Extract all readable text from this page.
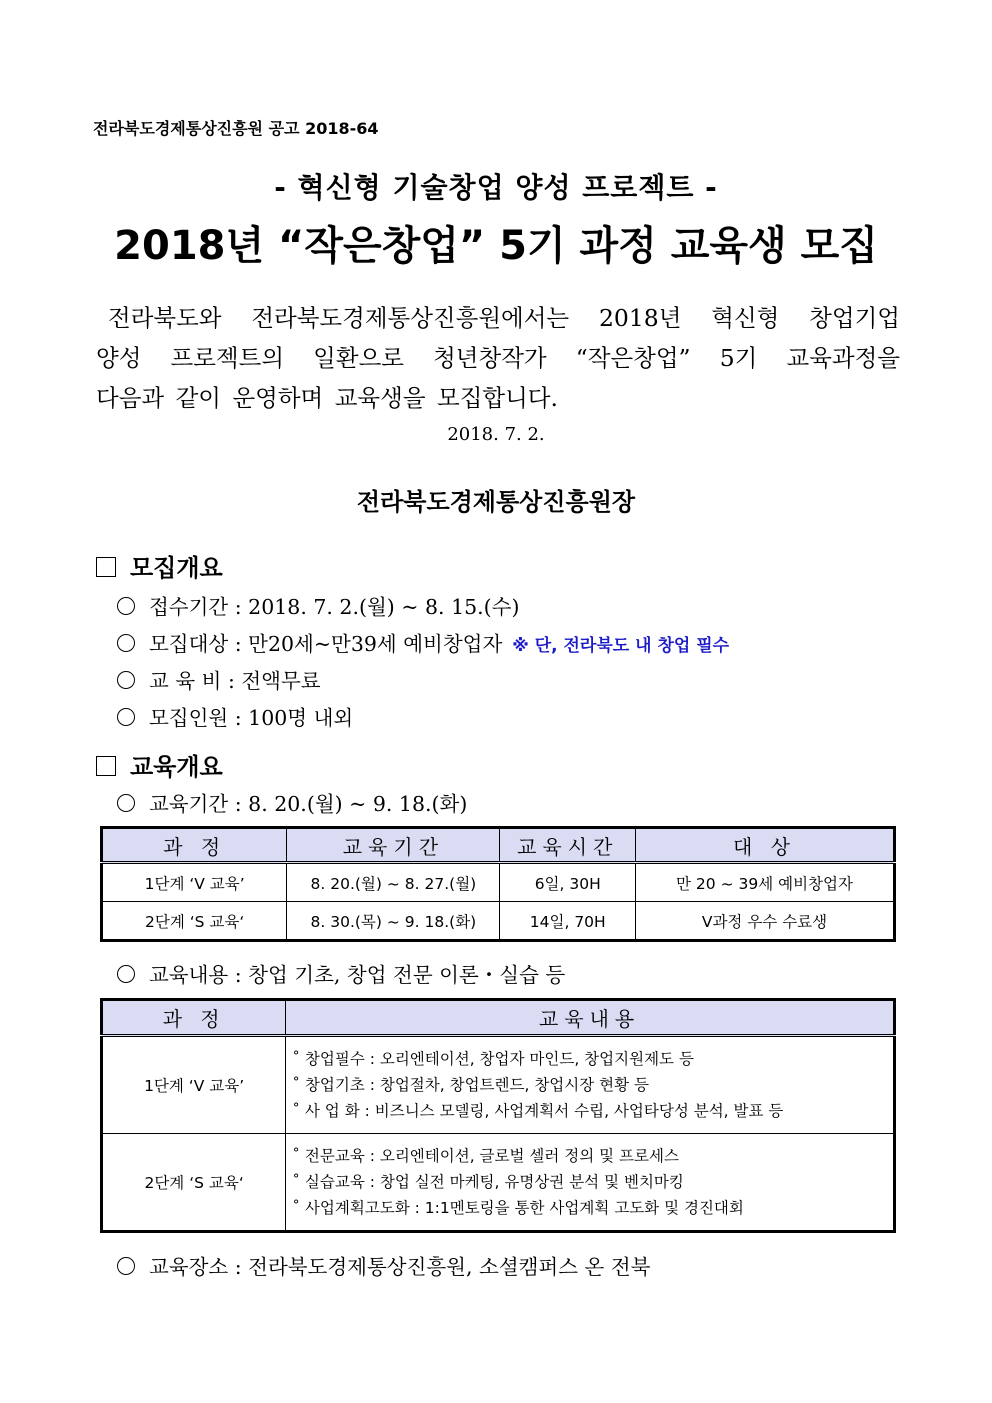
전라북도경제통상진흥원 공고 2018-64
- 혁신형 기술창업 양성 프로젝트 -
2018년 “작은창업” 5기 과정 교육생 모집
전라북도와 전라북도경제통상진흥원에서는 2018년 혁신형 창업기업
양성 프로젝트의 일환으로 청년창작가 “작은창업” 5기 교육과정을
다음과 같이 운영하며 교육생을 모집합니다.
2018. 7. 2.
전라북도경제통상진흥원장
모집개요
접수기간 : 2018. 7. 2.(월) ~ 8. 15.(수)
모집대상 : 만20세~만39세 예비창업자 ※ 단, 전라북도 내 창업 필수
교 육 비 : 전액무료
모집인원 : 100명 내외
교육개요
교육기간 : 8. 20.(월) ~ 9. 18.(화)
과 정	교육기간	교육시간	대 상
1단계 ‘V 교육’	8. 20.(월) ~ 8. 27.(월)	6일, 30H	만 20 ~ 39세 예비창업자
2단계 ‘S 교육‘	8. 30.(목) ~ 9. 18.(화)	14일, 70H	V과정 우수 수료생
교육내용 : 창업 기초, 창업 전문 이론・실습 등
과 정	교육내용
1단계 ‘V 교육’	˚ 창업필수 : 오리엔테이션, 창업자 마인드, 창업지원제도 등
˚ 창업기초 : 창업절차, 창업트렌드, 창업시장 현황 등
˚ 사 업 화 : 비즈니스 모델링, 사업계획서 수립, 사업타당성 분석, 발표 등

2단계 ‘S 교육‘	˚ 전문교육 : 오리엔테이션, 글로벌 셀러 정의 및 프로세스
˚ 실습교육 : 창업 실전 마케팅, 유명상권 분석 및 벤치마킹
˚ 사업계획고도화 : 1:1멘토링을 통한 사업계획 고도화 및 경진대회
교육장소 : 전라북도경제통상진흥원, 소셜캠퍼스 온 전북
